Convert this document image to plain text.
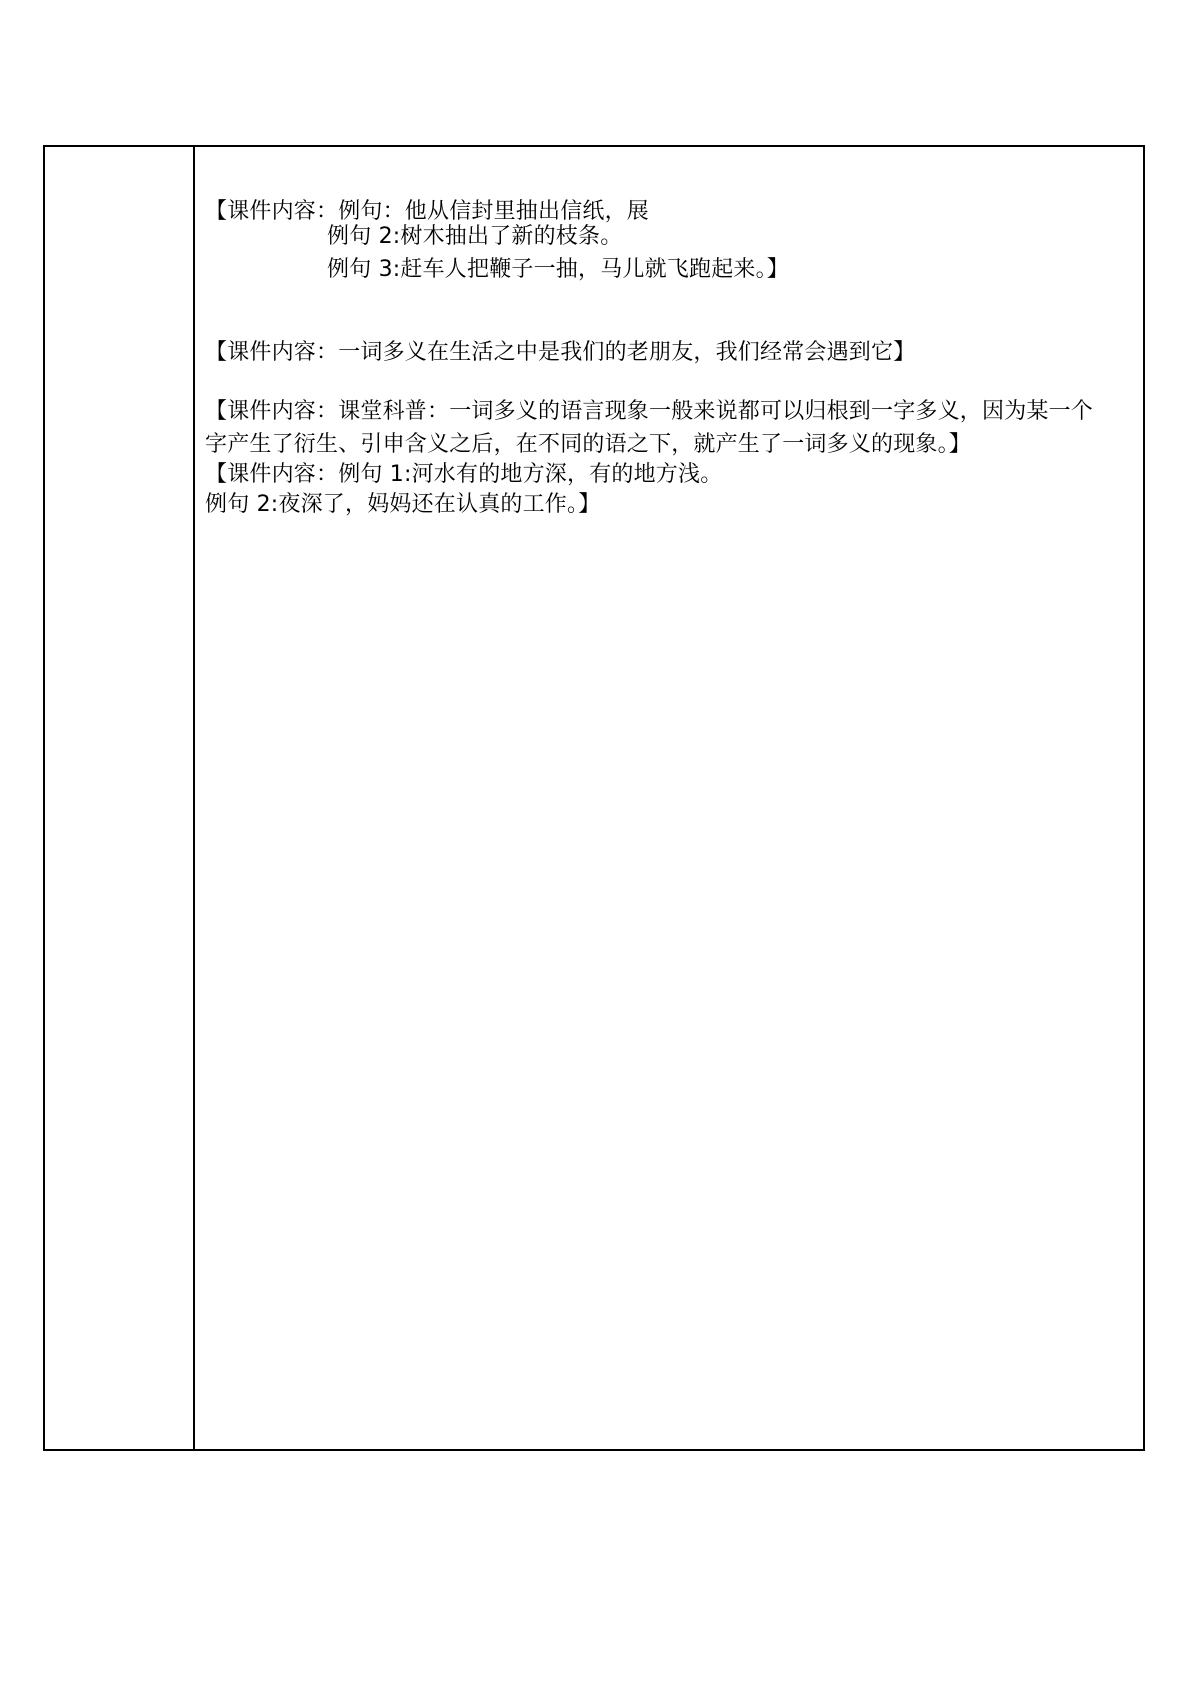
【课件内容：例句：他从信封里抽出信纸，展
例句 2:树木抽出了新的枝条。
例句 3:赶车人把鞭子一抽，马儿就飞跑起来。】
【课件内容：一词多义在生活之中是我们的老朋友，我们经常会遇到它】
【课件内容：课堂科普：一词多义的语言现象一般来说都可以归根到一字多义，因为某一个
字产生了衍生、引申含义之后，在不同的语之下，就产生了一词多义的现象。】
【课件内容：例句 1:河水有的地方深，有的地方浅。
例句 2:夜深了，妈妈还在认真的工作。】
